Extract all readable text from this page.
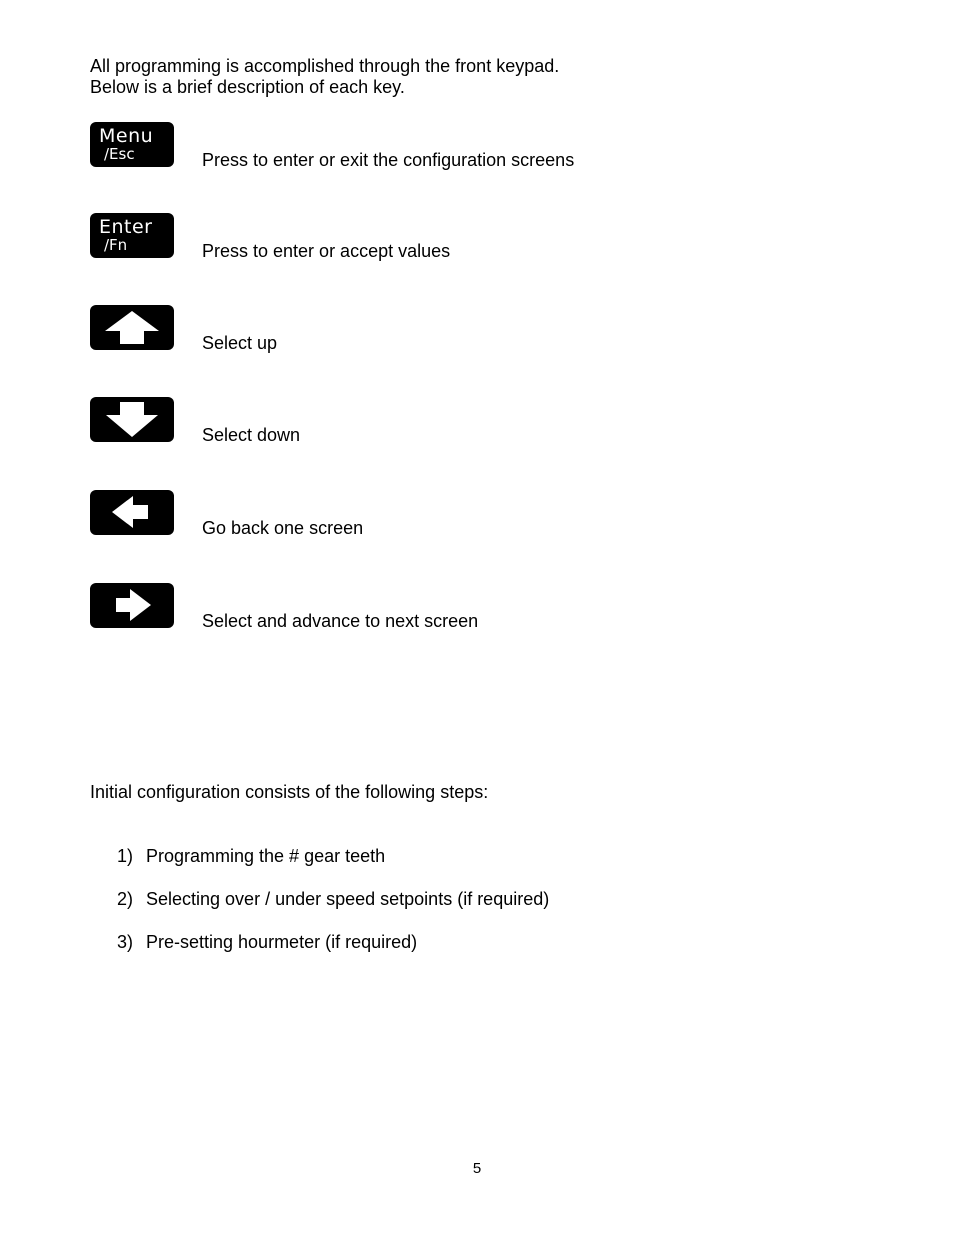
All programming is accomplished through the front keypad.
Below is a brief description of each key.
Menu
/Esc	Press to enter or exit the configuration screens
Enter
/Fn	Press to enter or accept values
Select up
Select down
Go back one screen
Select and advance to next screen
Initial configuration consists of the following steps:
1) Programming the # gear teeth
2) Selecting over / under speed setpoints (if required)
3) Pre-setting hourmeter (if required)
5
